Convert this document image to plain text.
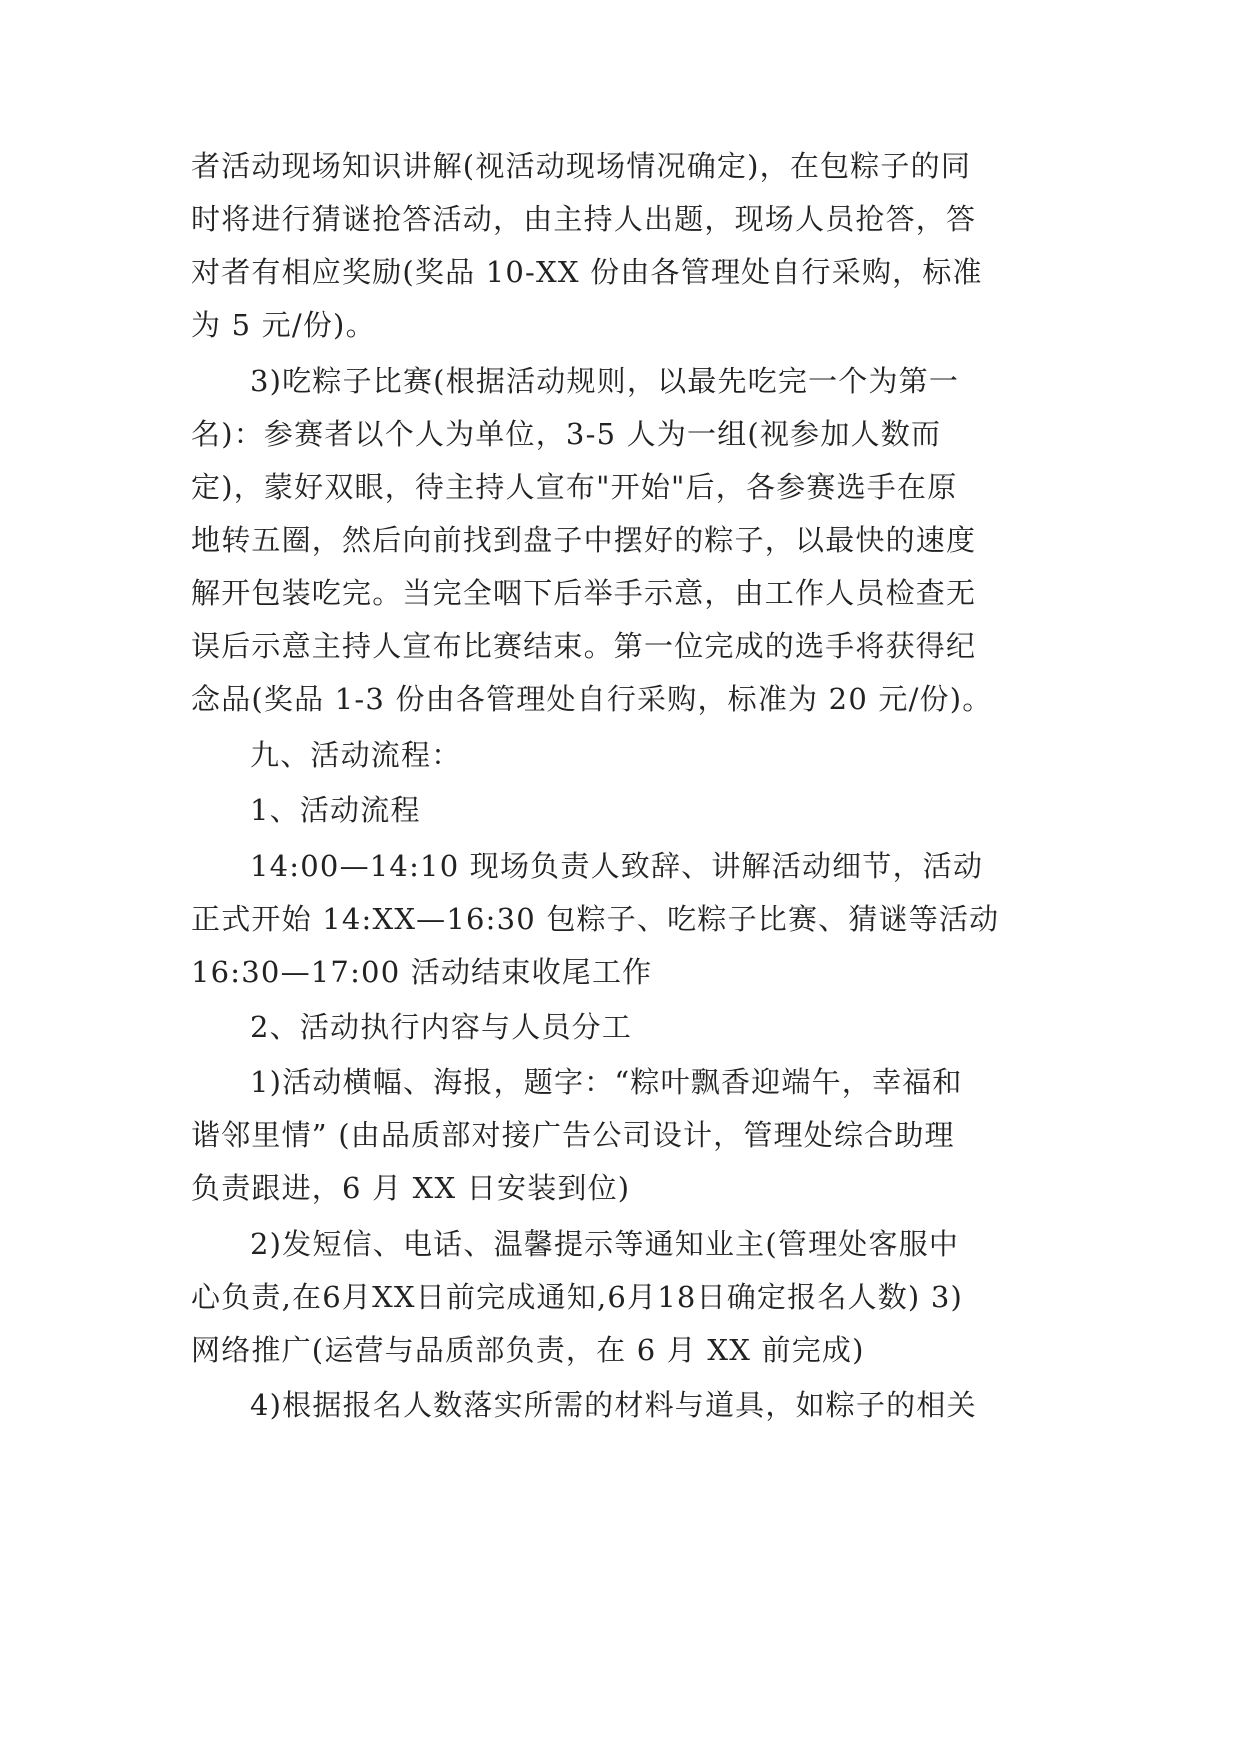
者活动现场知识讲解(视活动现场情况确定)，在包粽子的同
时将进行猜谜抢答活动，由主持人出题，现场人员抢答，答
对者有相应奖励(奖品 10-XX 份由各管理处自行采购，标准
为 5 元/份)。
3)吃粽子比赛(根据活动规则，以最先吃完一个为第一
名)：参赛者以个人为单位，3-5 人为一组(视参加人数而
定)，蒙好双眼，待主持人宣布"开始"后，各参赛选手在原
地转五圈，然后向前找到盘子中摆好的粽子，以最快的速度
解开包装吃完。当完全咽下后举手示意，由工作人员检查无
误后示意主持人宣布比赛结束。第一位完成的选手将获得纪
念品(奖品 1-3 份由各管理处自行采购，标准为 20 元/份)。
九、活动流程：
1、活动流程
14:00—14:10 现场负责人致辞、讲解活动细节，活动
正式开始 14:XX—16:30 包粽子、吃粽子比赛、猜谜等活动
16:30—17:00 活动结束收尾工作
2、活动执行内容与人员分工
1)活动横幅、海报，题字：“粽叶飘香迎端午，幸福和
谐邻里情” (由品质部对接广告公司设计，管理处综合助理
负责跟进，6 月 XX 日安装到位)
2)发短信、电话、温馨提示等通知业主(管理处客服中
心负责,在6月XX日前完成通知,6月18日确定报名人数) 3)
网络推广(运营与品质部负责，在 6 月 XX 前完成)
4)根据报名人数落实所需的材料与道具，如粽子的相关
